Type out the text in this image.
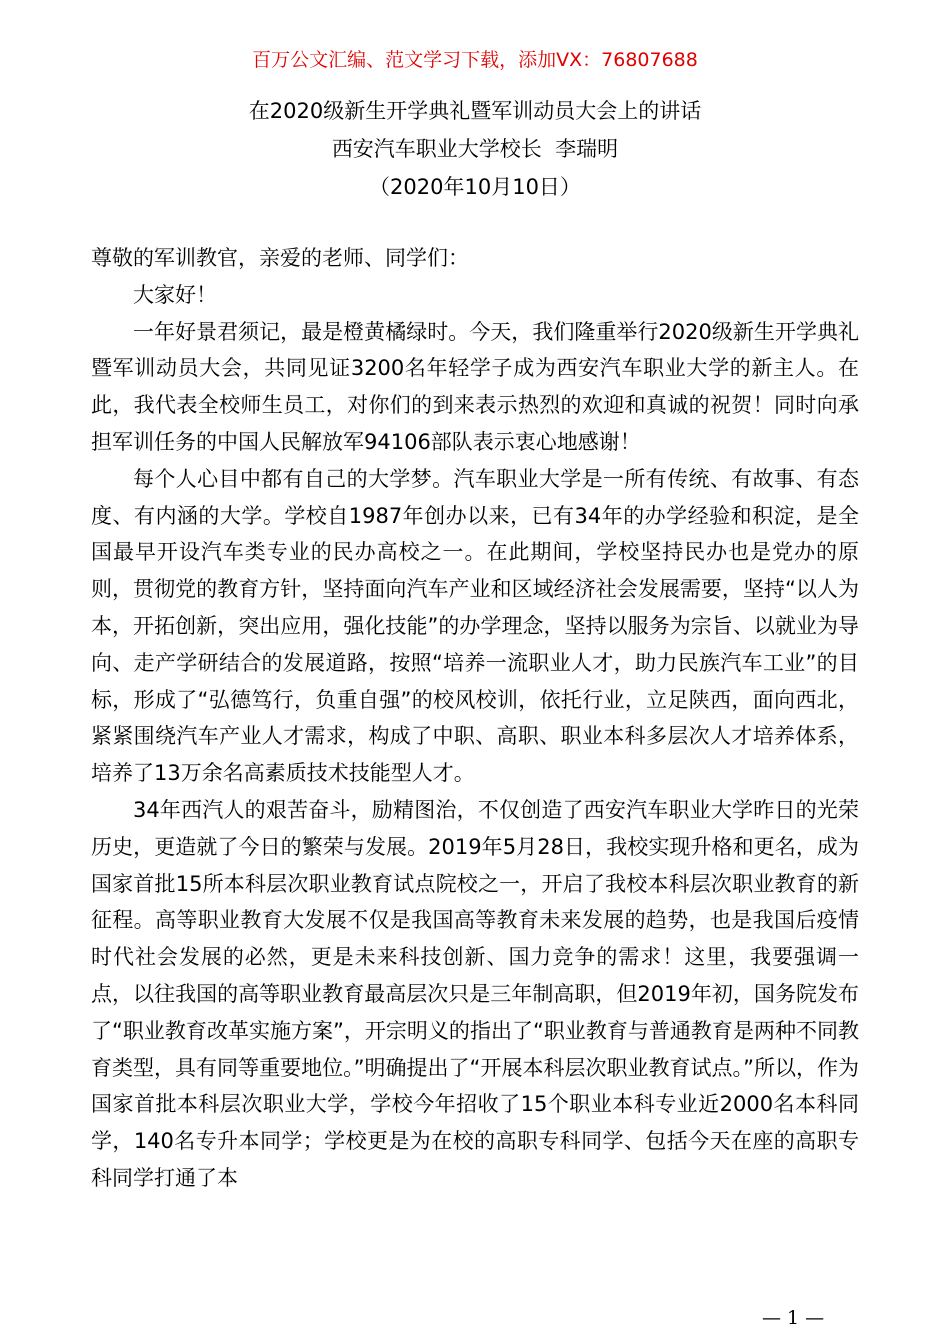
百万公文汇编、范文学习下载，添加VX：76807688
在2020级新生开学典礼暨军训动员大会上的讲话
西安汽车职业大学校长  李瑞明
（2020年10月10日）

尊敬的军训教官，亲爱的老师、同学们：

大家好！

一年好景君须记，最是橙黄橘绿时。今天，我们隆重举行2020级新生开学典礼暨军训动员大会，共同见证3200名年轻学子成为西安汽车职业大学的新主人。在此，我代表全校师生员工，对你们的到来表示热烈的欢迎和真诚的祝贺！同时向承担军训任务的中国人民解放军94106部队表示衷心地感谢！

每个人心目中都有自己的大学梦。汽车职业大学是一所有传统、有故事、有态度、有内涵的大学。学校自1987年创办以来，已有34年的办学经验和积淀，是全国最早开设汽车类专业的民办高校之一。在此期间，学校坚持民办也是党办的原则，贯彻党的教育方针，坚持面向汽车产业和区域经济社会发展需要，坚持“以人为本，开拓创新，突出应用，强化技能”的办学理念，坚持以服务为宗旨、以就业为导向、走产学研结合的发展道路，按照“培养一流职业人才，助力民族汽车工业”的目标，形成了“弘德笃行，负重自强”的校风校训，依托行业，立足陕西，面向西北，紧紧围绕汽车产业人才需求，构成了中职、高职、职业本科多层次人才培养体系，培养了13万余名高素质技术技能型人才。

34年西汽人的艰苦奋斗，励精图治，不仅创造了西安汽车职业大学昨日的光荣历史，更造就了今日的繁荣与发展。2019年5月28日，我校实现升格和更名，成为国家首批15所本科层次职业教育试点院校之一，开启了我校本科层次职业教育的新征程。高等职业教育大发展不仅是我国高等教育未来发展的趋势，也是我国后疫情时代社会发展的必然，更是未来科技创新、国力竞争的需求！这里，我要强调一点，以往我国的高等职业教育最高层次只是三年制高职，但2019年初，国务院发布了“职业教育改革实施方案”，开宗明义的指出了“职业教育与普通教育是两种不同教育类型，具有同等重要地位。”明确提出了“开展本科层次职业教育试点。”所以，作为国家首批本科层次职业大学，学校今年招收了15个职业本科专业近2000名本科同学，140名专升本同学；学校更是为在校的高职专科同学、包括今天在座的高职专科同学打通了本

— 1 —
